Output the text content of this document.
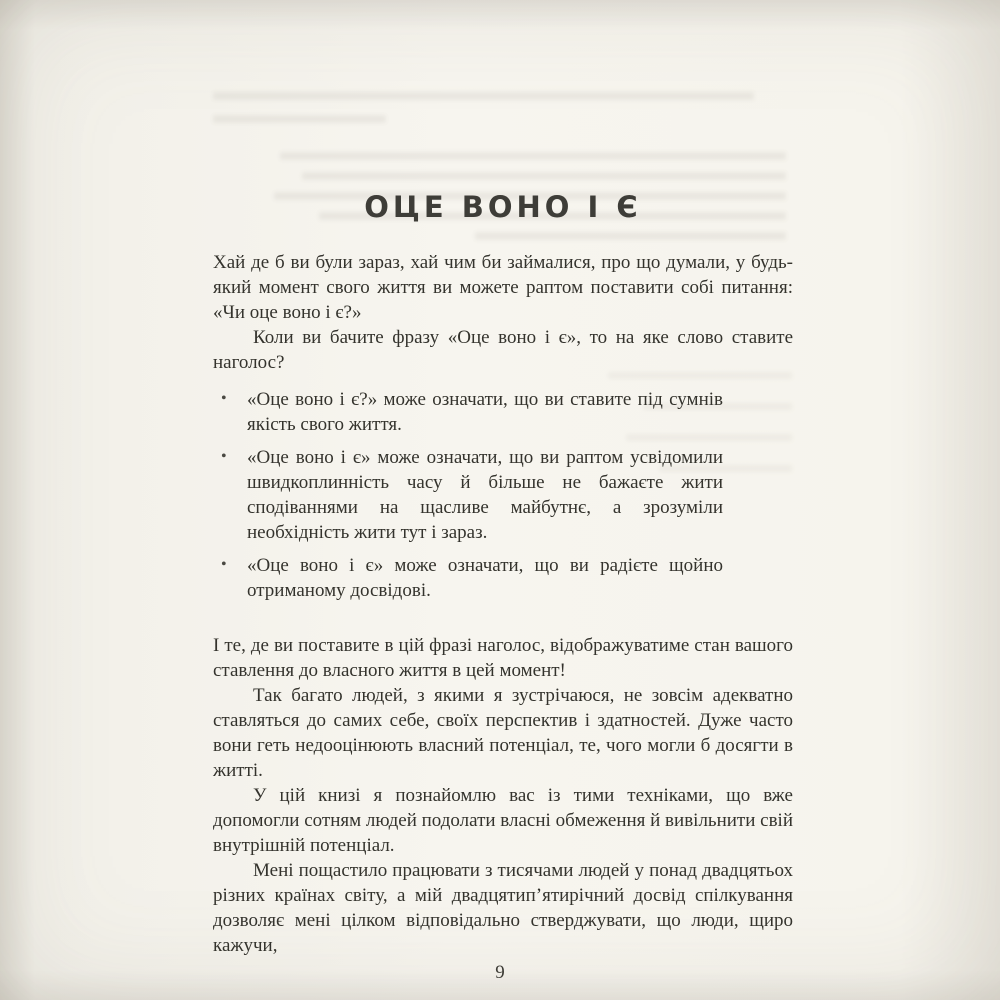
ОЦЕ ВОНО І Є

Хай де б ви були зараз, хай чим би займалися, про що думали, у будь-який момент свого життя ви можете раптом поставити собі питання: «Чи оце воно і є?»

Коли ви бачите фразу «Оце воно і є», то на яке слово ставите наголос?

• «Оце воно і є?» може означати, що ви ставите під сумнів якість свого життя.
• «Оце воно і є» може означати, що ви раптом усвідомили швидкоплинність часу й більше не бажаєте жити сподіваннями на щасливе майбутнє, а зрозуміли необхідність жити тут і зараз.
• «Оце воно і є» може означати, що ви радієте щойно отриманому досвідові.

І те, де ви поставите в цій фразі наголос, відображуватиме стан вашого ставлення до власного життя в цей момент!

Так багато людей, з якими я зустрічаюся, не зовсім адекватно ставляться до самих себе, своїх перспектив і здатностей. Дуже часто вони геть недооцінюють власний потенціал, те, чого могли б досягти в житті.

У цій книзі я познайомлю вас із тими техніками, що вже допомогли сотням людей подолати власні обмеження й вивільнити свій внутрішній потенціал.

Мені пощастило працювати з тисячами людей у понад двадцятьох різних країнах світу, а мій двадцятип’ятирічний досвід спілкування дозволяє мені цілком відповідально стверджувати, що люди, щиро кажучи,

9
